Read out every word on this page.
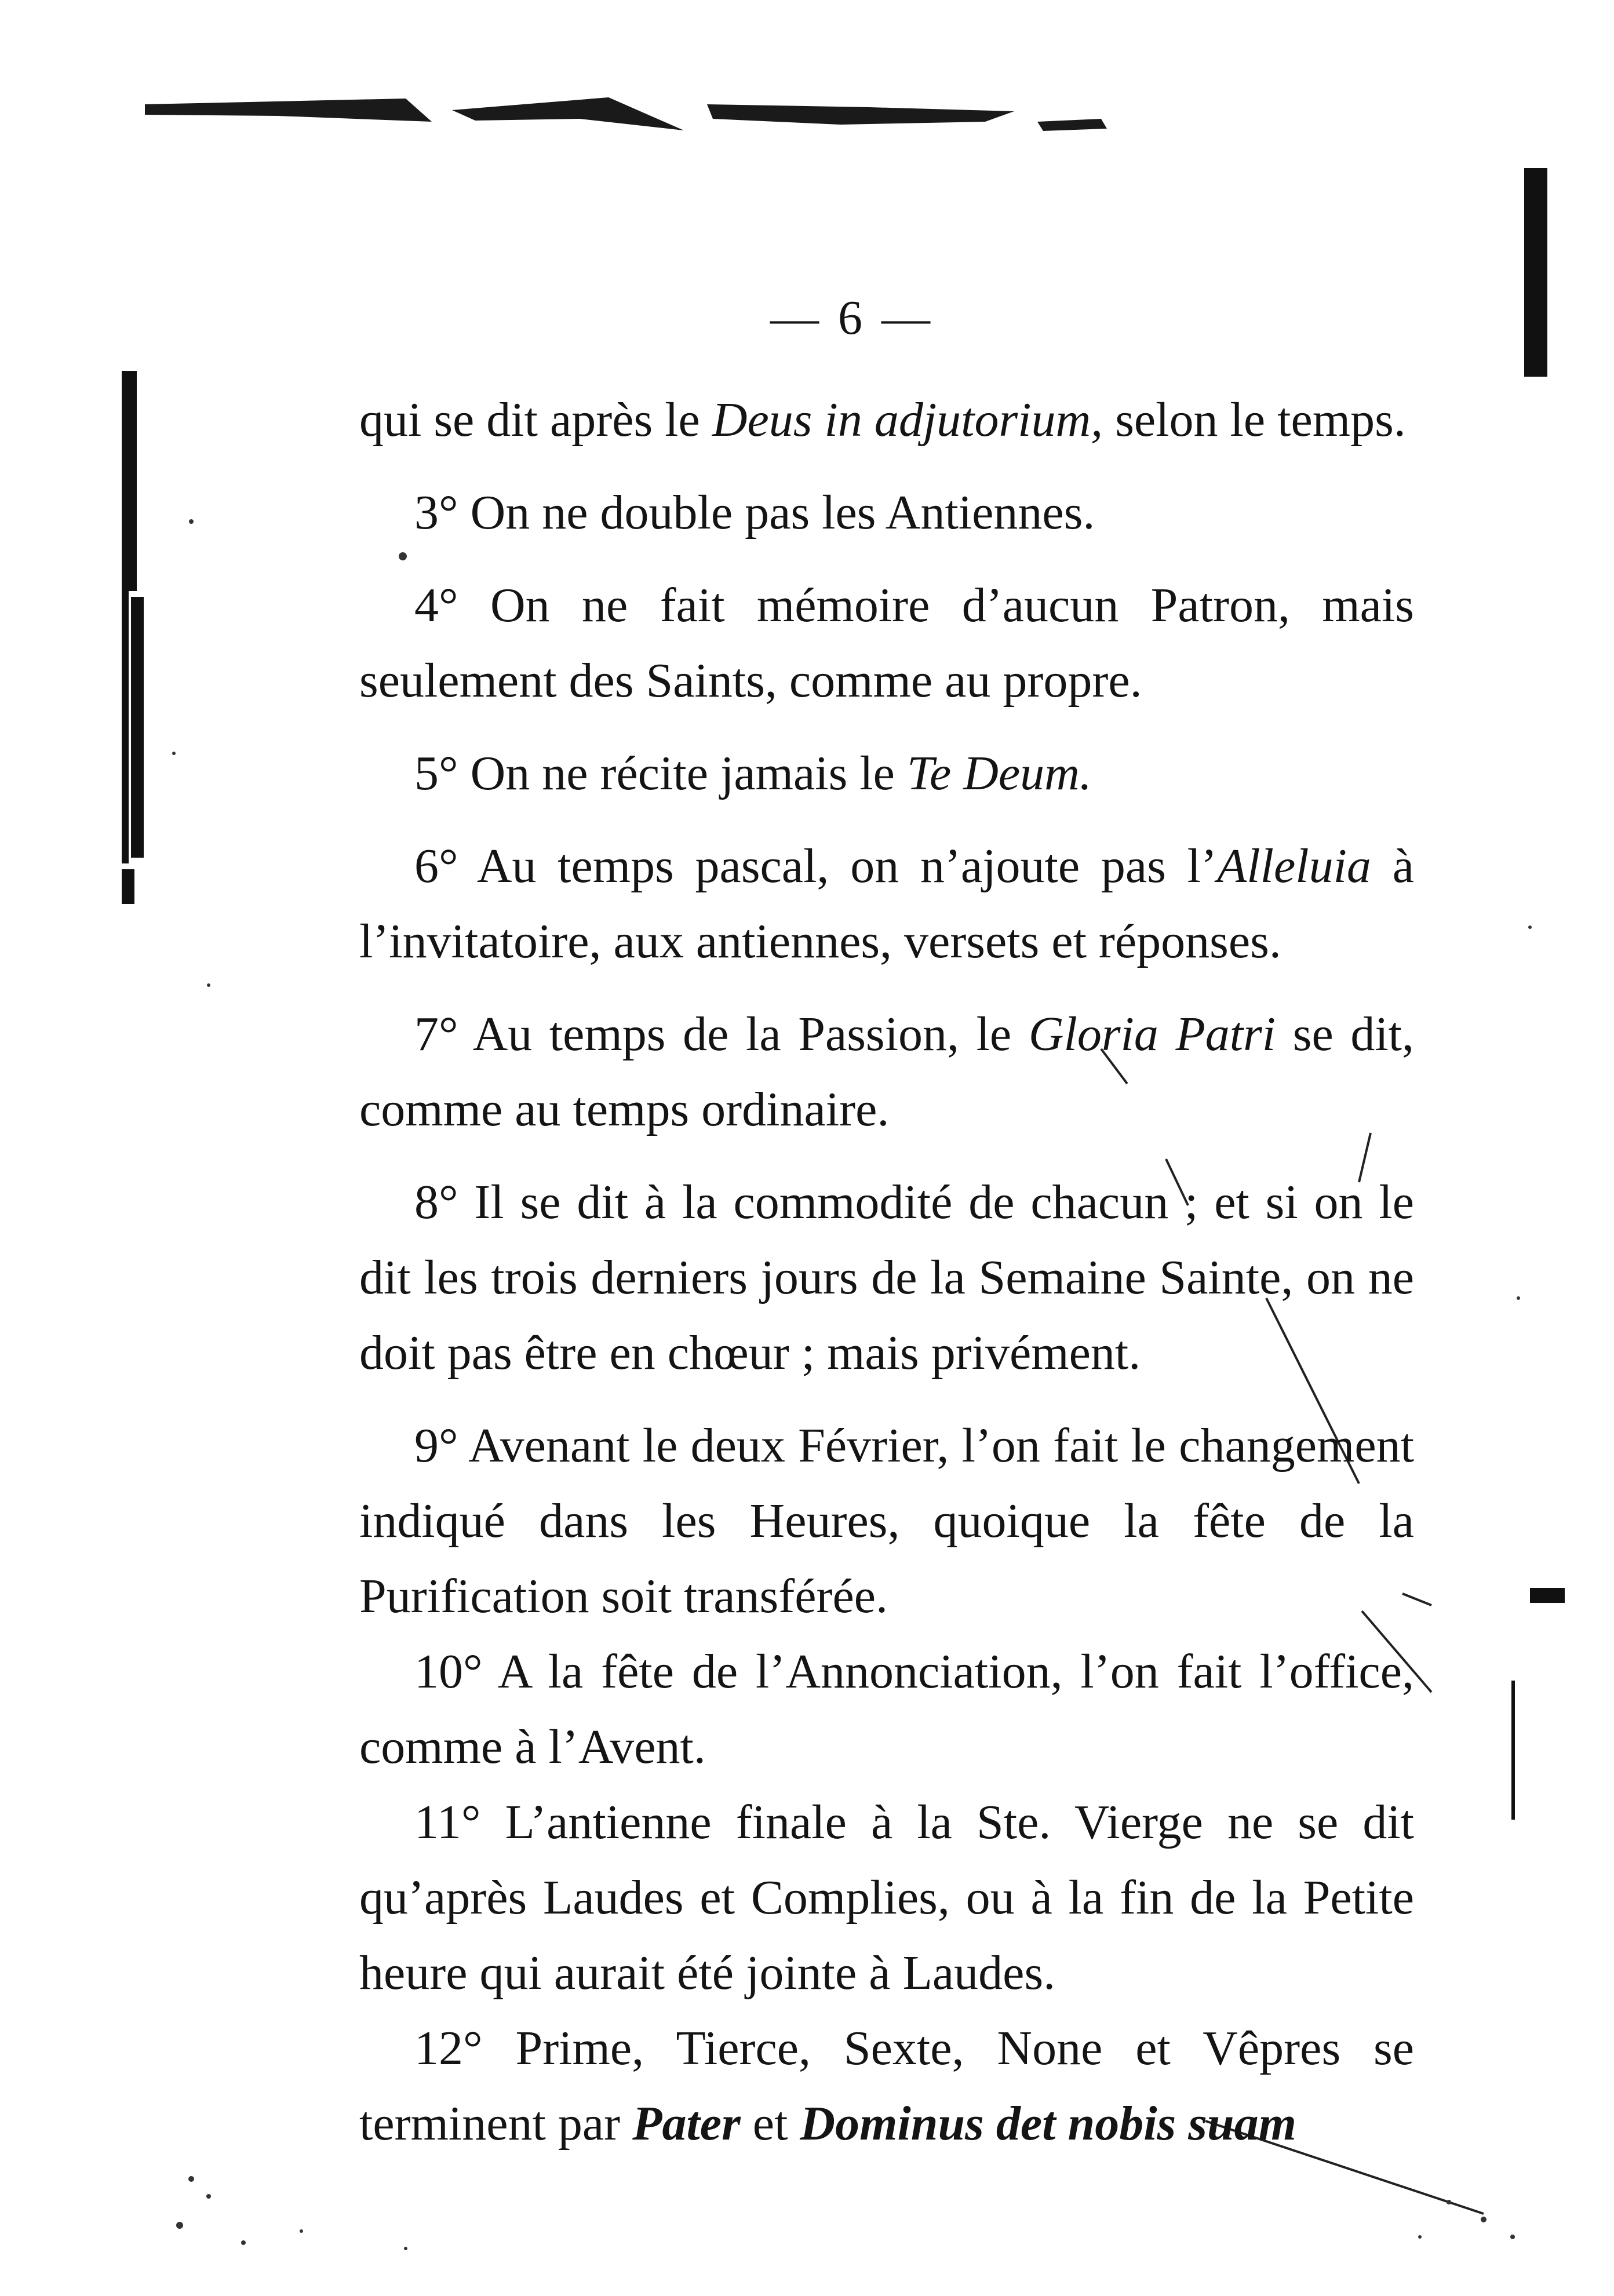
— 6 —

qui se dit après le Deus in adjutorium, selon le temps.

3° On ne double pas les Antiennes.

4° On ne fait mémoire d’aucun Patron, mais seulement des Saints, comme au propre.

5° On ne récite jamais le Te Deum.

6° Au temps pascal, on n’ajoute pas l’Alleluia à l’invitatoire, aux antiennes, versets et réponses.

7° Au temps de la Passion, le Gloria Patri se dit, comme au temps ordinaire.

8° Il se dit à la commodité de chacun ; et si on le dit les trois derniers jours de la Semaine Sainte, on ne doit pas être en chœur ; mais privément.

9° Avenant le deux Février, l’on fait le changement indiqué dans les Heures, quoique la fête de la Purification soit transférée.

10° A la fête de l’Annonciation, l’on fait l’office, comme à l’Avent.

11° L’antienne finale à la Ste. Vierge ne se dit qu’après Laudes et Complies, ou à la fin de la Petite heure qui aurait été jointe à Laudes.

12° Prime, Tierce, Sexte, None et Vêpres se terminent par Pater et Dominus det nobis suam
